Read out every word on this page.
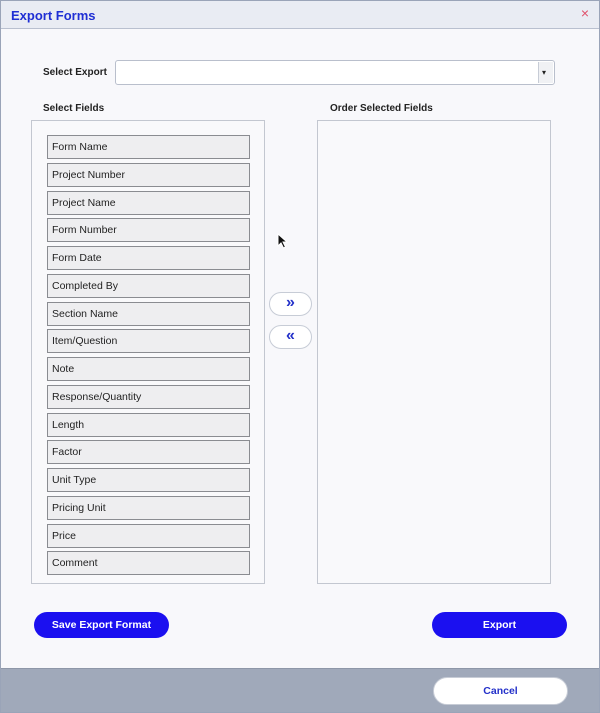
Export Forms	×
Select Export	▾
Select Fields	Order Selected Fields
Form Name
Project Number
Project Name
Form Number
Form Date
Completed By
Section Name
Item/Question
Note
Response/Quantity
Length
Factor
Unit Type
Pricing Unit
Price
Comment
»
«
Save Export Format	Export
Cancel
